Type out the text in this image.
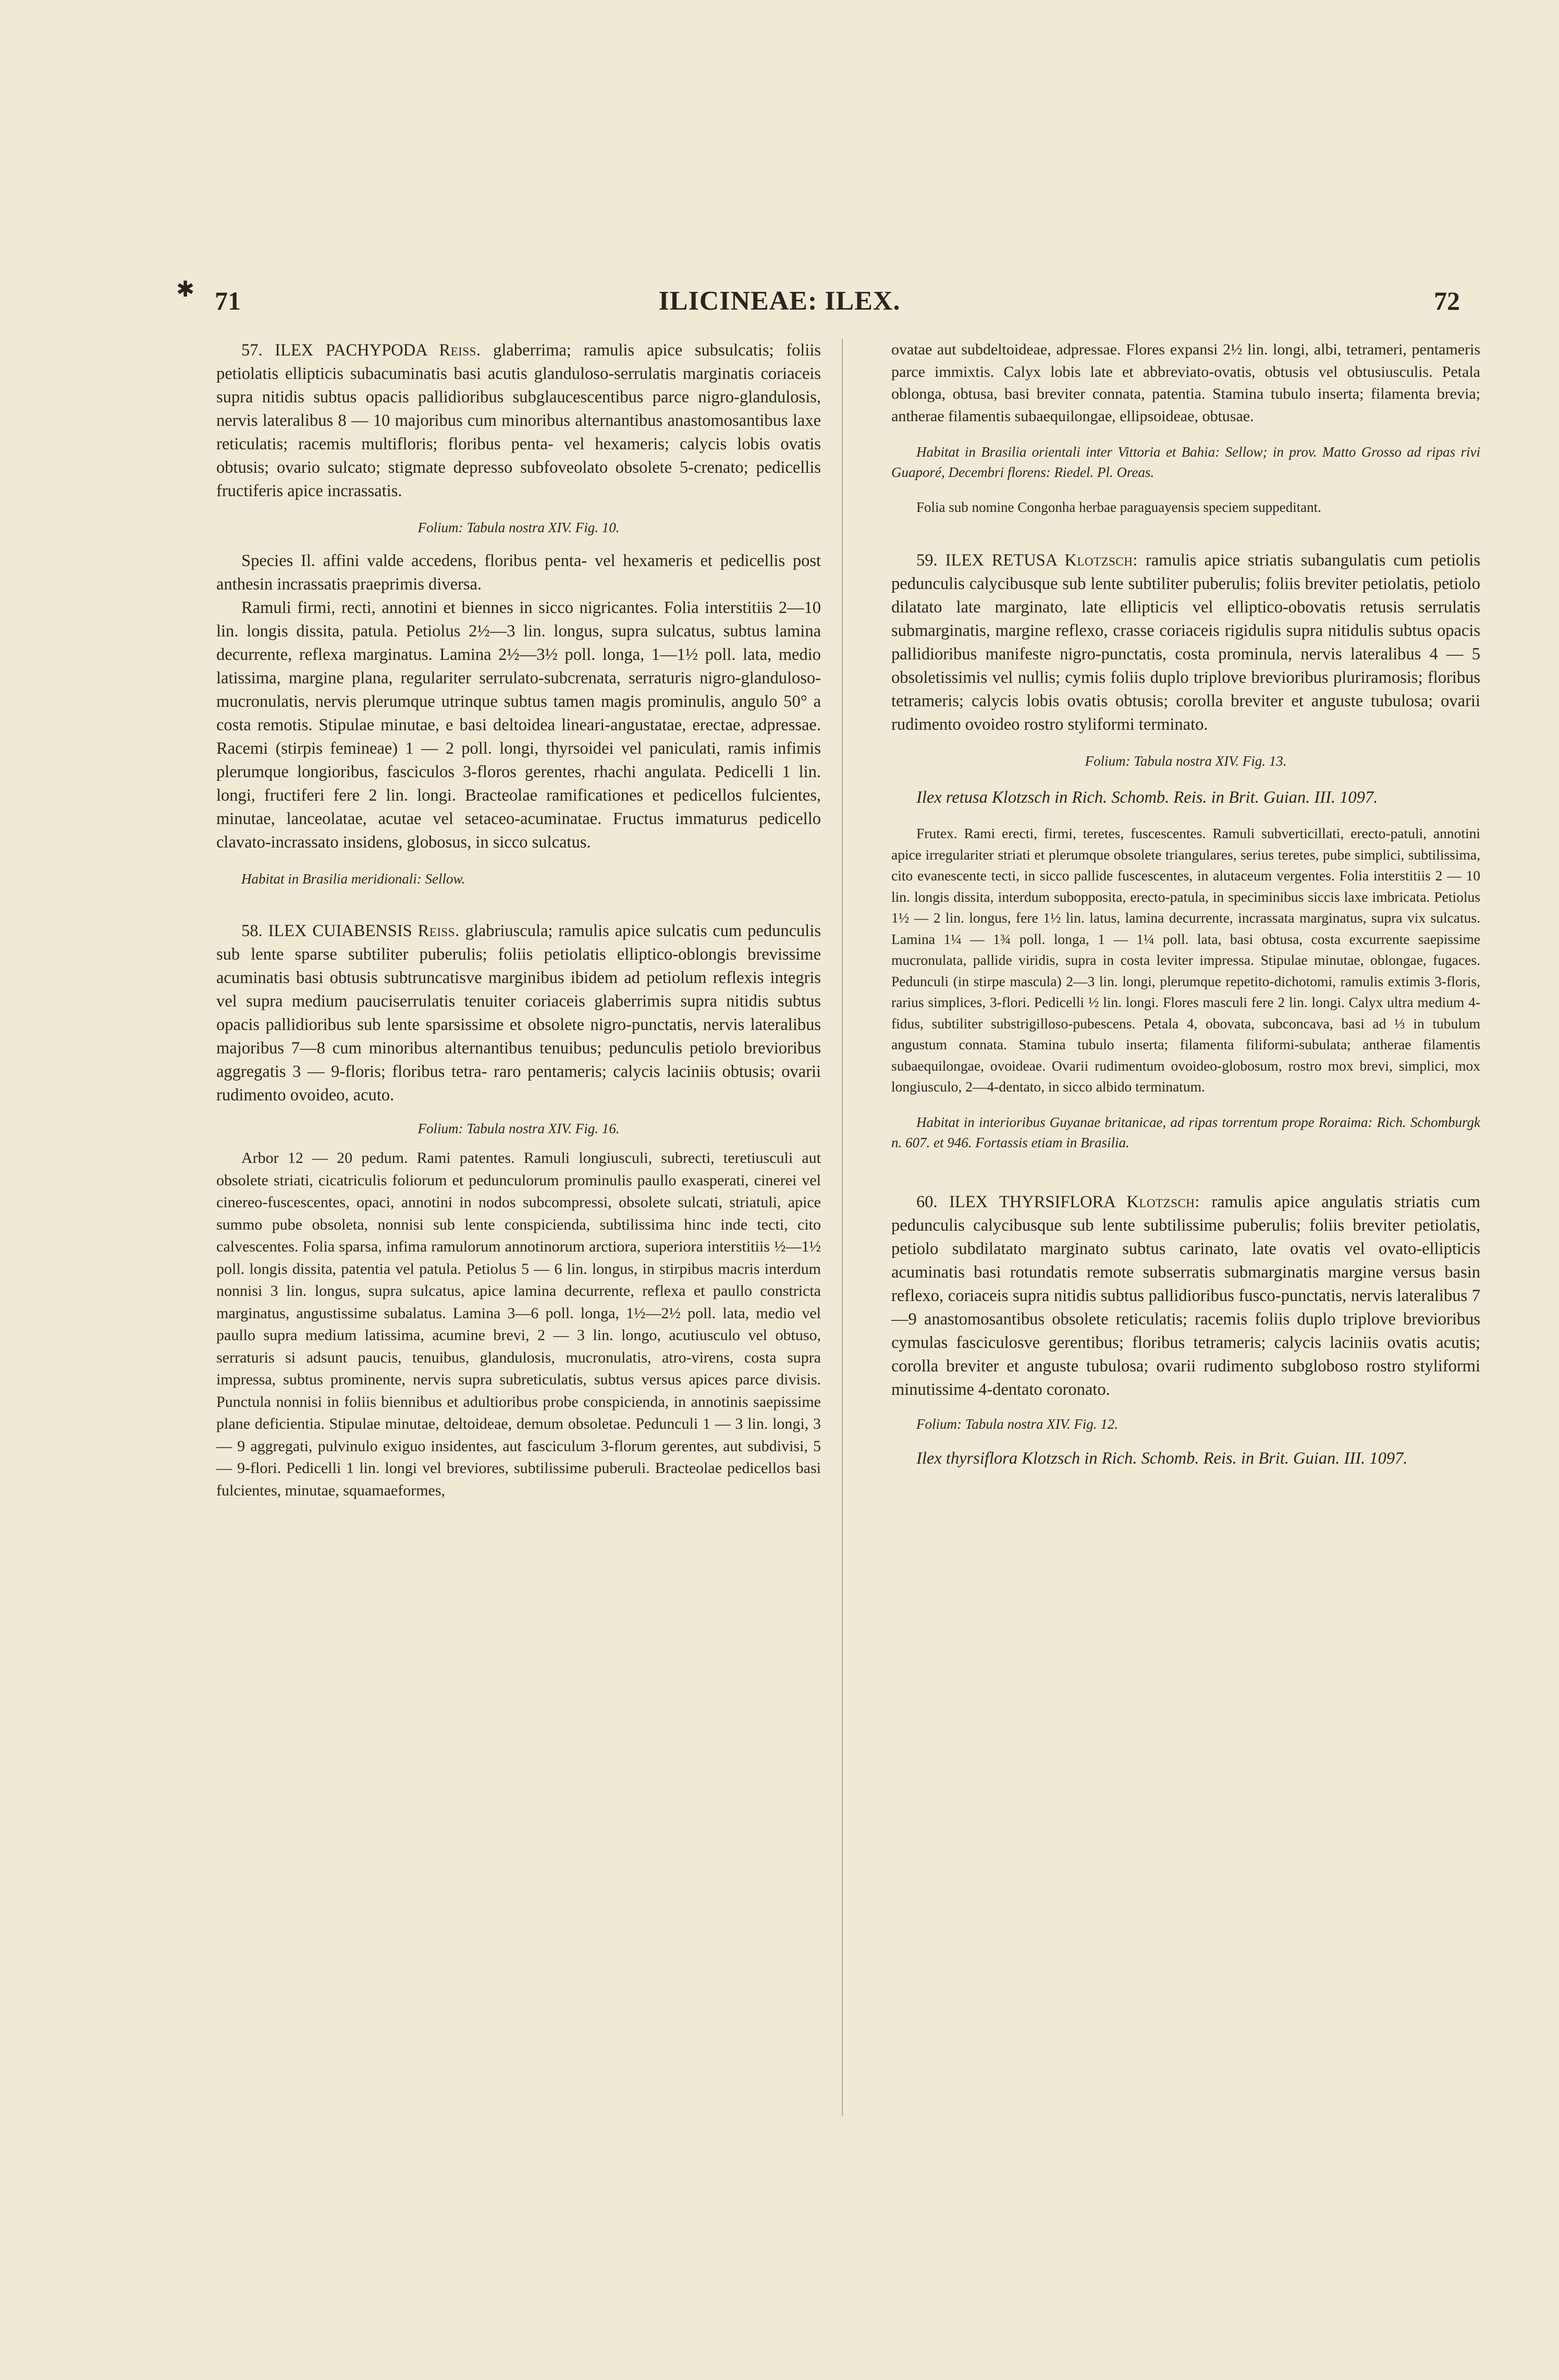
✱ 71	ILICINEAE: ILEX.	72

57. ILEX PACHYPODA Reiss. glaberrima; ramulis apice subsulcatis; foliis petiolatis ellipticis subacuminatis basi acutis glanduloso-serrulatis marginatis coriaceis supra nitidis subtus opacis pallidioribus subglaucescentibus parce nigro-glandulosis, nervis lateralibus 8 — 10 majoribus cum minoribus alternantibus anastomosantibus laxe reticulatis; racemis multifloris; floribus penta- vel hexameris; calycis lobis ovatis obtusis; ovario sulcato; stigmate depresso subfoveolato obsolete 5-crenato; pedicellis fructiferis apice incrassatis.

Folium: Tabula nostra XIV. Fig. 10.

Species Il. affini valde accedens, floribus penta- vel hexameris et pedicellis post anthesin incrassatis praeprimis diversa.

Ramuli firmi, recti, annotini et biennes in sicco nigricantes. Folia interstitiis 2—10 lin. longis dissita, patula. Petiolus 2½—3 lin. longus, supra sulcatus, subtus lamina decurrente, reflexa marginatus. Lamina 2½—3½ poll. longa, 1—1½ poll. lata, medio latissima, margine plana, regulariter serrulato-subcrenata, serraturis nigro-glanduloso-mucronulatis, nervis plerumque utrinque subtus tamen magis prominulis, angulo 50° a costa remotis. Stipulae minutae, e basi deltoidea lineari-angustatae, erectae, adpressae. Racemi (stirpis femineae) 1 — 2 poll. longi, thyrsoidei vel paniculati, ramis infimis plerumque longioribus, fasciculos 3-floros gerentes, rhachi angulata. Pedicelli 1 lin. longi, fructiferi fere 2 lin. longi. Bracteolae ramificationes et pedicellos fulcientes, minutae, lanceolatae, acutae vel setaceo-acuminatae. Fructus immaturus pedicello clavato-incrassato insidens, globosus, in sicco sulcatus.

Habitat in Brasilia meridionali: Sellow.

58. ILEX CUIABENSIS Reiss. glabriuscula; ramulis apice sulcatis cum pedunculis sub lente sparse subtiliter puberulis; foliis petiolatis elliptico-oblongis brevissime acuminatis basi obtusis subtruncatisve marginibus ibidem ad petiolum reflexis integris vel supra medium pauciserrulatis tenuiter coriaceis glaberrimis supra nitidis subtus opacis pallidioribus sub lente sparsissime et obsolete nigro-punctatis, nervis lateralibus majoribus 7—8 cum minoribus alternantibus tenuibus; pedunculis petiolo brevioribus aggregatis 3 — 9-floris; floribus tetra- raro pentameris; calycis laciniis obtusis; ovarii rudimento ovoideo, acuto.

Folium: Tabula nostra XIV. Fig. 16.

Arbor 12 — 20 pedum. Rami patentes. Ramuli longiusculi, subrecti, teretiusculi aut obsolete striati, cicatriculis foliorum et pedunculorum prominulis paullo exasperati, cinerei vel cinereo-fuscescentes, opaci, annotini in nodos subcompressi, obsolete sulcati, striatuli, apice summo pube obsoleta, nonnisi sub lente conspicienda, subtilissima hinc inde tecti, cito calvescentes. Folia sparsa, infima ramulorum annotinorum arctiora, superiora interstitiis ½—1½ poll. longis dissita, patentia vel patula. Petiolus 5 — 6 lin. longus, in stirpibus macris interdum nonnisi 3 lin. longus, supra sulcatus, apice lamina decurrente, reflexa et paullo constricta marginatus, angustissime subalatus. Lamina 3—6 poll. longa, 1½—2½ poll. lata, medio vel paullo supra medium latissima, acumine brevi, 2 — 3 lin. longo, acutiusculo vel obtuso, serraturis si adsunt paucis, tenuibus, glandulosis, mucronulatis, atro-virens, costa supra impressa, subtus prominente, nervis supra subreticulatis, subtus versus apices parce divisis. Punctula nonnisi in foliis biennibus et adultioribus probe conspicienda, in annotinis saepissime plane deficientia. Stipulae minutae, deltoideae, demum obsoletae. Pedunculi 1 — 3 lin. longi, 3 — 9 aggregati, pulvinulo exiguo insidentes, aut fasciculum 3-florum gerentes, aut subdivisi, 5 — 9-flori. Pedicelli 1 lin. longi vel breviores, subtilissime puberuli. Bracteolae pedicellos basi fulcientes, minutae, squamaeformes,

ovatae aut subdeltoideae, adpressae. Flores expansi 2½ lin. longi, albi, tetrameri, pentameris parce immixtis. Calyx lobis late et abbreviato-ovatis, obtusis vel obtusiusculis. Petala oblonga, obtusa, basi breviter connata, patentia. Stamina tubulo inserta; filamenta brevia; antherae filamentis subaequilongae, ellipsoideae, obtusae.

Habitat in Brasilia orientali inter Vittoria et Bahia: Sellow; in prov. Matto Grosso ad ripas rivi Guaporé, Decembri florens: Riedel. Pl. Oreas.

Folia sub nomine Congonha herbae paraguayensis speciem suppeditant.

59. ILEX RETUSA Klotzsch: ramulis apice striatis subangulatis cum petiolis pedunculis calycibusque sub lente subtiliter puberulis; foliis breviter petiolatis, petiolo dilatato late marginato, late ellipticis vel elliptico-obovatis retusis serrulatis submarginatis, margine reflexo, crasse coriaceis rigidulis supra nitidulis subtus opacis pallidioribus manifeste nigro-punctatis, costa prominula, nervis lateralibus 4 — 5 obsoletissimis vel nullis; cymis foliis duplo triplove brevioribus pluriramosis; floribus tetrameris; calycis lobis ovatis obtusis; corolla breviter et anguste tubulosa; ovarii rudimento ovoideo rostro styliformi terminato.

Folium: Tabula nostra XIV. Fig. 13.

Ilex retusa Klotzsch in Rich. Schomb. Reis. in Brit. Guian. III. 1097.

Frutex. Rami erecti, firmi, teretes, fuscescentes. Ramuli subverticillati, erecto-patuli, annotini apice irregulariter striati et plerumque obsolete triangulares, serius teretes, pube simplici, subtilissima, cito evanescente tecti, in sicco pallide fuscescentes, in alutaceum vergentes. Folia interstitiis 2 — 10 lin. longis dissita, interdum subopposita, erecto-patula, in speciminibus siccis laxe imbricata. Petiolus 1½ — 2 lin. longus, fere 1½ lin. latus, lamina decurrente, incrassata marginatus, supra vix sulcatus. Lamina 1¼ — 1¾ poll. longa, 1 — 1¼ poll. lata, basi obtusa, costa excurrente saepissime mucronulata, pallide viridis, supra in costa leviter impressa. Stipulae minutae, oblongae, fugaces. Pedunculi (in stirpe mascula) 2—3 lin. longi, plerumque repetito-dichotomi, ramulis extimis 3-floris, rarius simplices, 3-flori. Pedicelli ½ lin. longi. Flores masculi fere 2 lin. longi. Calyx ultra medium 4-fidus, subtiliter substrigilloso-pubescens. Petala 4, obovata, subconcava, basi ad ⅓ in tubulum angustum connata. Stamina tubulo inserta; filamenta filiformi-subulata; antherae filamentis subaequilongae, ovoideae. Ovarii rudimentum ovoideo-globosum, rostro mox brevi, simplici, mox longiusculo, 2—4-dentato, in sicco albido terminatum.

Habitat in interioribus Guyanae britanicae, ad ripas torrentum prope Roraima: Rich. Schomburgk n. 607. et 946. Fortassis etiam in Brasilia.

60. ILEX THYRSIFLORA Klotzsch: ramulis apice angulatis striatis cum pedunculis calycibusque sub lente subtilissime puberulis; foliis breviter petiolatis, petiolo subdilatato marginato subtus carinato, late ovatis vel ovato-ellipticis acuminatis basi rotundatis remote subserratis submarginatis margine versus basin reflexo, coriaceis supra nitidis subtus pallidioribus fusco-punctatis, nervis lateralibus 7—9 anastomosantibus obsolete reticulatis; racemis foliis duplo triplove brevioribus cymulas fasciculosve gerentibus; floribus tetrameris; calycis laciniis ovatis acutis; corolla breviter et anguste tubulosa; ovarii rudimento subgloboso rostro styliformi minutissime 4-dentato coronato.

Folium: Tabula nostra XIV. Fig. 12.

Ilex thyrsiflora Klotzsch in Rich. Schomb. Reis. in Brit. Guian. III. 1097.
